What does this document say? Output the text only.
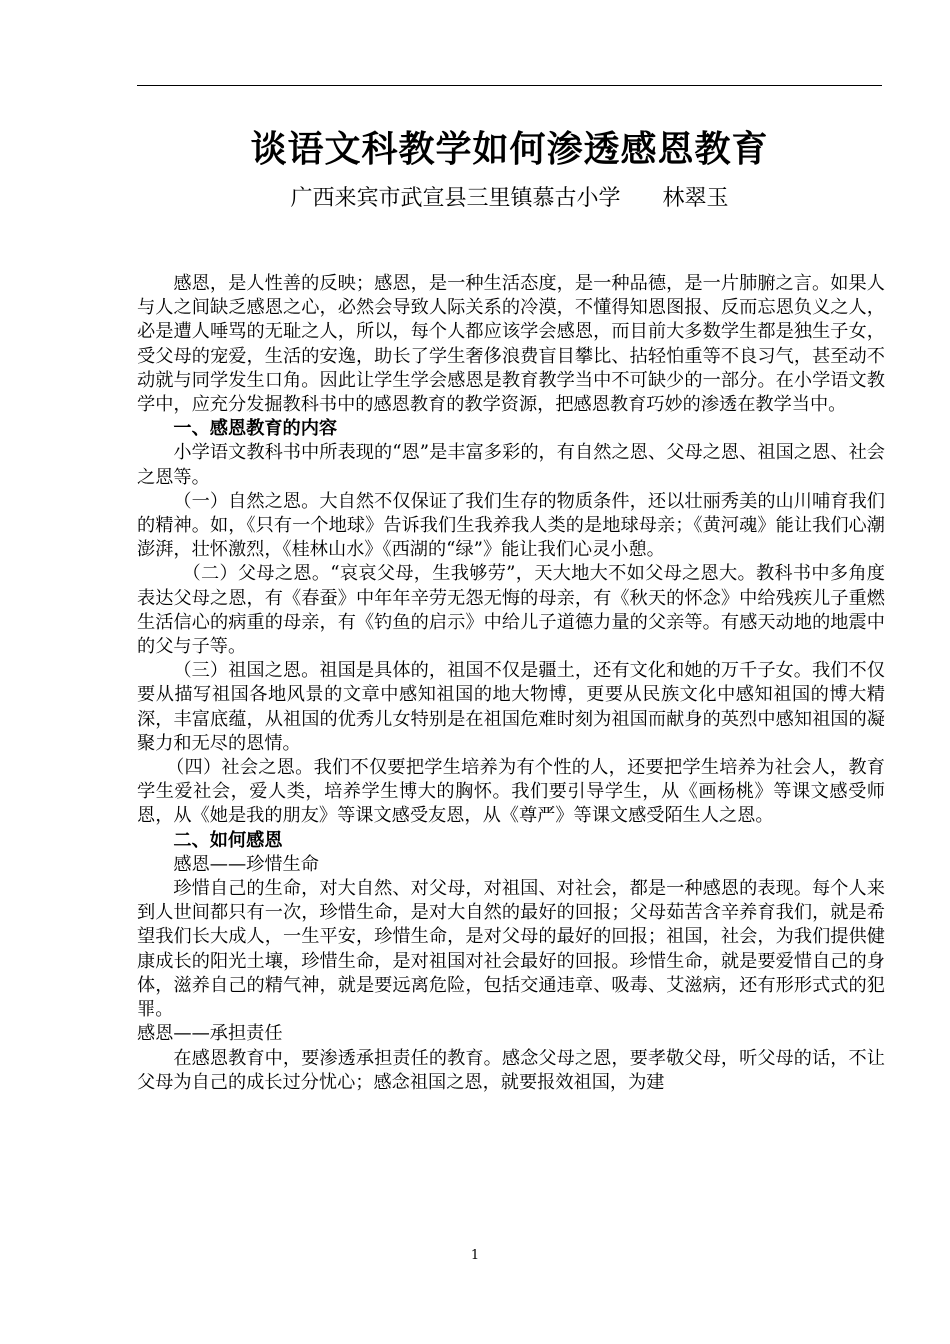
谈语文科教学如何渗透感恩教育

广西来宾市武宣县三里镇慕古小学 林翠玉

感恩，是人性善的反映；感恩，是一种生活态度，是一种品德，是一片肺腑之言。如果人与人之间缺乏感恩之心，必然会导致人际关系的冷漠，不懂得知恩图报、反而忘恩负义之人，必是遭人唾骂的无耻之人，所以，每个人都应该学会感恩，而目前大多数学生都是独生子女，受父母的宠爱，生活的安逸，助长了学生奢侈浪费盲目攀比、拈轻怕重等不良习气，甚至动不动就与同学发生口角。因此让学生学会感恩是教育教学当中不可缺少的一部分。在小学语文教学中，应充分发掘教科书中的感恩教育的教学资源，把感恩教育巧妙的渗透在教学当中。

一、感恩教育的内容

小学语文教科书中所表现的“恩”是丰富多彩的，有自然之恩、父母之恩、祖国之恩、社会之恩等。

（一）自然之恩。大自然不仅保证了我们生存的物质条件，还以壮丽秀美的山川哺育我们的精神。如，《只有一个地球》告诉我们生我养我人类的是地球母亲；《黄河魂》能让我们心潮澎湃，壮怀激烈，《桂林山水》《西湖的“绿”》能让我们心灵小憩。

（二）父母之恩。“哀哀父母，生我够劳”，天大地大不如父母之恩大。教科书中多角度表达父母之恩，有《春蚕》中年年辛劳无怨无悔的母亲，有《秋天的怀念》中给残疾儿子重燃生活信心的病重的母亲，有《钓鱼的启示》中给儿子道德力量的父亲等。有感天动地的地震中的父与子等。

（三）祖国之恩。祖国是具体的，祖国不仅是疆土，还有文化和她的万千子女。我们不仅要从描写祖国各地风景的文章中感知祖国的地大物博，更要从民族文化中感知祖国的博大精深，丰富底蕴，从祖国的优秀儿女特别是在祖国危难时刻为祖国而献身的英烈中感知祖国的凝聚力和无尽的恩情。

（四）社会之恩。我们不仅要把学生培养为有个性的人，还要把学生培养为社会人，教育学生爱社会，爱人类，培养学生博大的胸怀。我们要引导学生，从《画杨桃》等课文感受师恩，从《她是我的朋友》等课文感受友恩，从《尊严》等课文感受陌生人之恩。

二、如何感恩

感恩——珍惜生命

珍惜自己的生命，对大自然、对父母，对祖国、对社会，都是一种感恩的表现。每个人来到人世间都只有一次，珍惜生命，是对大自然的最好的回报；父母茹苦含辛养育我们，就是希望我们长大成人，一生平安，珍惜生命，是对父母的最好的回报；祖国，社会，为我们提供健康成长的阳光土壤，珍惜生命，是对祖国对社会最好的回报。珍惜生命，就是要爱惜自己的身体，滋养自己的精气神，就是要远离危险，包括交通违章、吸毒、艾滋病，还有形形式式的犯罪。

感恩——承担责任

在感恩教育中，要渗透承担责任的教育。感念父母之恩，要孝敬父母，听父母的话，不让父母为自己的成长过分忧心；感念祖国之恩，就要报效祖国，为建

1
